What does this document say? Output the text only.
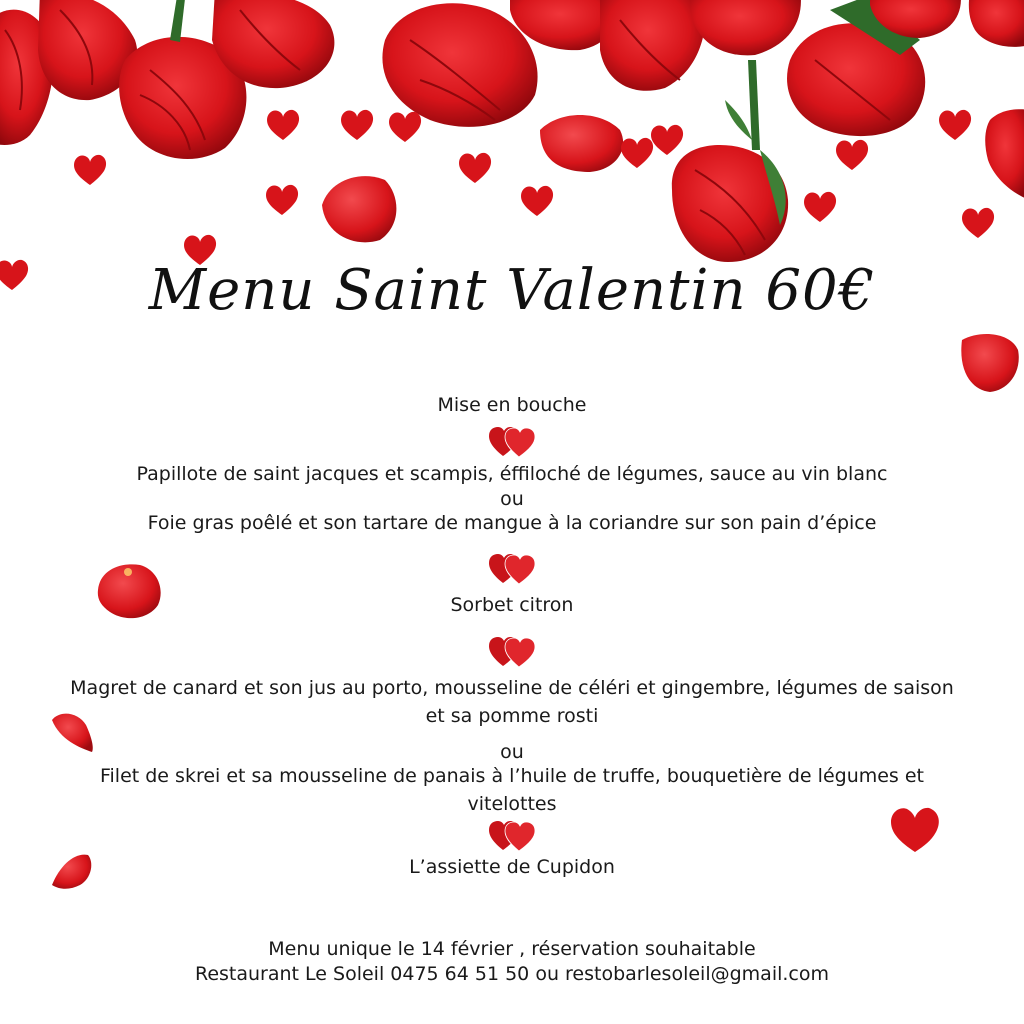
Menu Saint Valentin 60€
Mise en bouche
Papillote de saint jacques et scampis, éffiloché de légumes, sauce au vin blanc
ou
Foie gras poêlé et son tartare de mangue à la coriandre sur son pain d’épice
Sorbet citron
Magret de canard et son jus au porto, mousseline de céléri et gingembre, légumes de saison
et sa pomme rosti
ou
Filet de skrei et sa mousseline de panais à l’huile de truffe, bouquetière de légumes et
vitelottes
L’assiette de Cupidon
Menu unique le 14 février , réservation souhaitable
Restaurant Le Soleil 0475 64 51 50 ou restobarlesoleil@gmail.com
